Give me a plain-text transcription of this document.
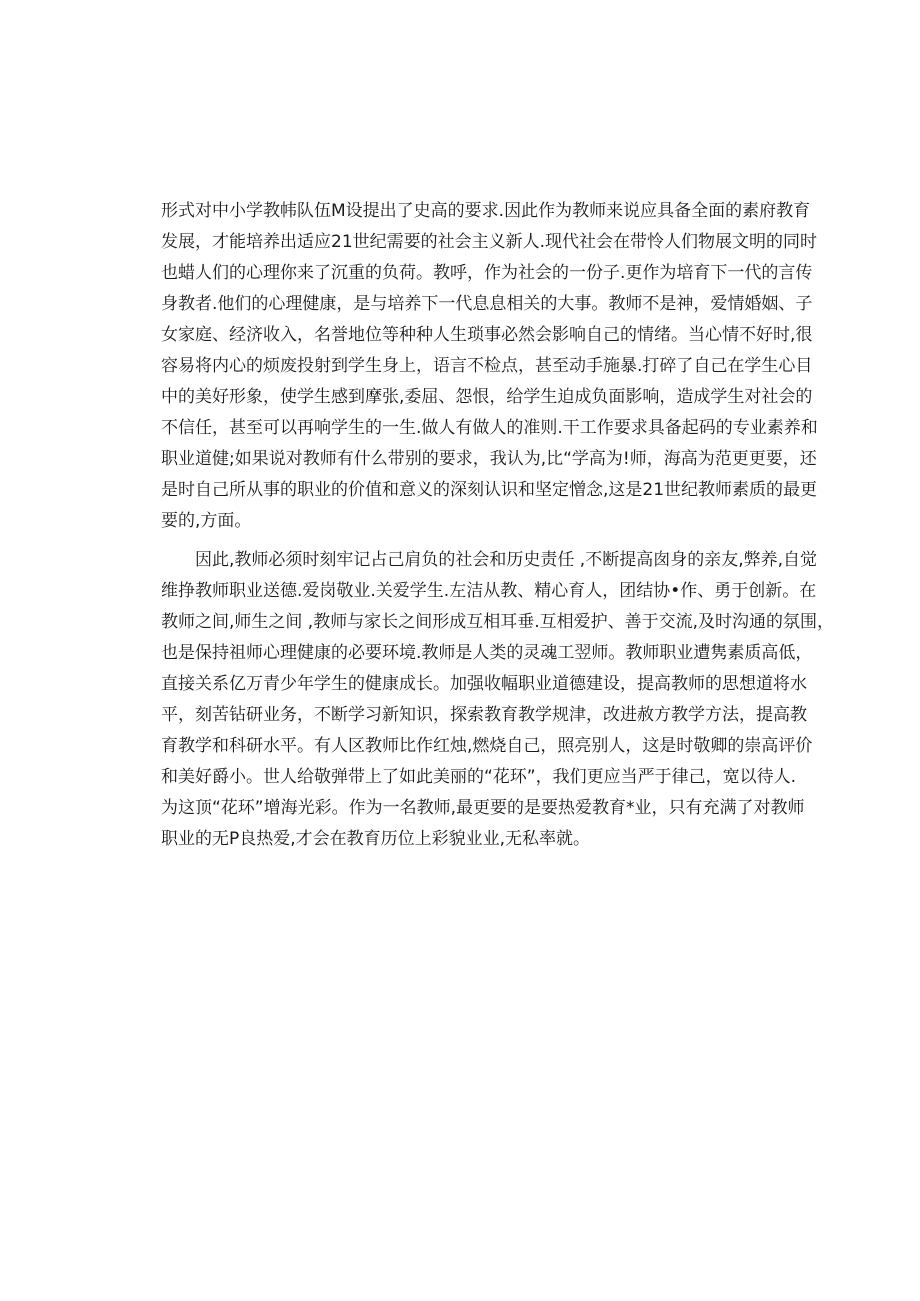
形式对中小学教帏队伍M设提出了史高的要求.因此作为教师来说应具备全面的素府教育
发展，才能培养出适应21世纪需要的社会主义新人.现代社会在带怜人们物展文明的同时
也蜡人们的心理你来了沉重的负荷。教呼，作为社会的一份子.更作为培育下一代的言传
身教者.他们的心理健康，是与培养下一代息息相关的大事。教师不是神，爱情婚姻、子
女家庭、经济收入，名誉地位等种种人生琐事必然会影响自己的情绪。当心情不好时,很
容易将内心的烦废投射到学生身上，语言不检点，甚至动手施暴.打碎了自己在学生心目
中的美好形象，使学生感到摩张,委屈、怨恨，给学生迫成负面影响，造成学生对社会的
不信任，甚至可以再响学生的一生.做人有做人的准则.干工作要求具备起码的专业素养和
职业道健;如果说对教师有什么带别的要求，我认为,比“学高为!师，海高为范更更要，还
是时自己所从事的职业的价值和意义的深刻认识和坚定憎念,这是21世纪教师素质的最更
要的,方面。
因此,教师必须时刻牢记占己肩负的社会和历史责任 ,不断提高囱身的亲友,弊养,自觉
维挣教师职业送德.爱岗敬业.关爱学生.左洁从教、精心育人，团结协•作、勇于创新。在
教师之间,师生之间 ,教师与家长之间形成互相耳垂.互相爱护、善于交流,及时沟通的氛围，
也是保持祖师心理健康的必要环境.教师是人类的灵魂工翌师。教师职业遭隽素质高低，
直接关系亿万青少年学生的健康成长。加强收幅职业道德建设，提高教师的思想道将水
平，刻苦钻研业务，不断学习新知识，探索教育教学规津，改进赦方教学方法，提高教
育教学和科研水平。有人区教师比作红烛,燃烧自己，照亮别人，这是时敬卿的崇高评价
和美好爵小。世人给敬弹带上了如此美丽的“花环”，我们更应当严于律己，宽以待人.
为这顶“花环”增海光彩。作为一名教师,最更要的是要热爱教育*业，只有充满了对教师
职业的无P良热爱,才会在教育历位上彩貌业业,无私率就。
